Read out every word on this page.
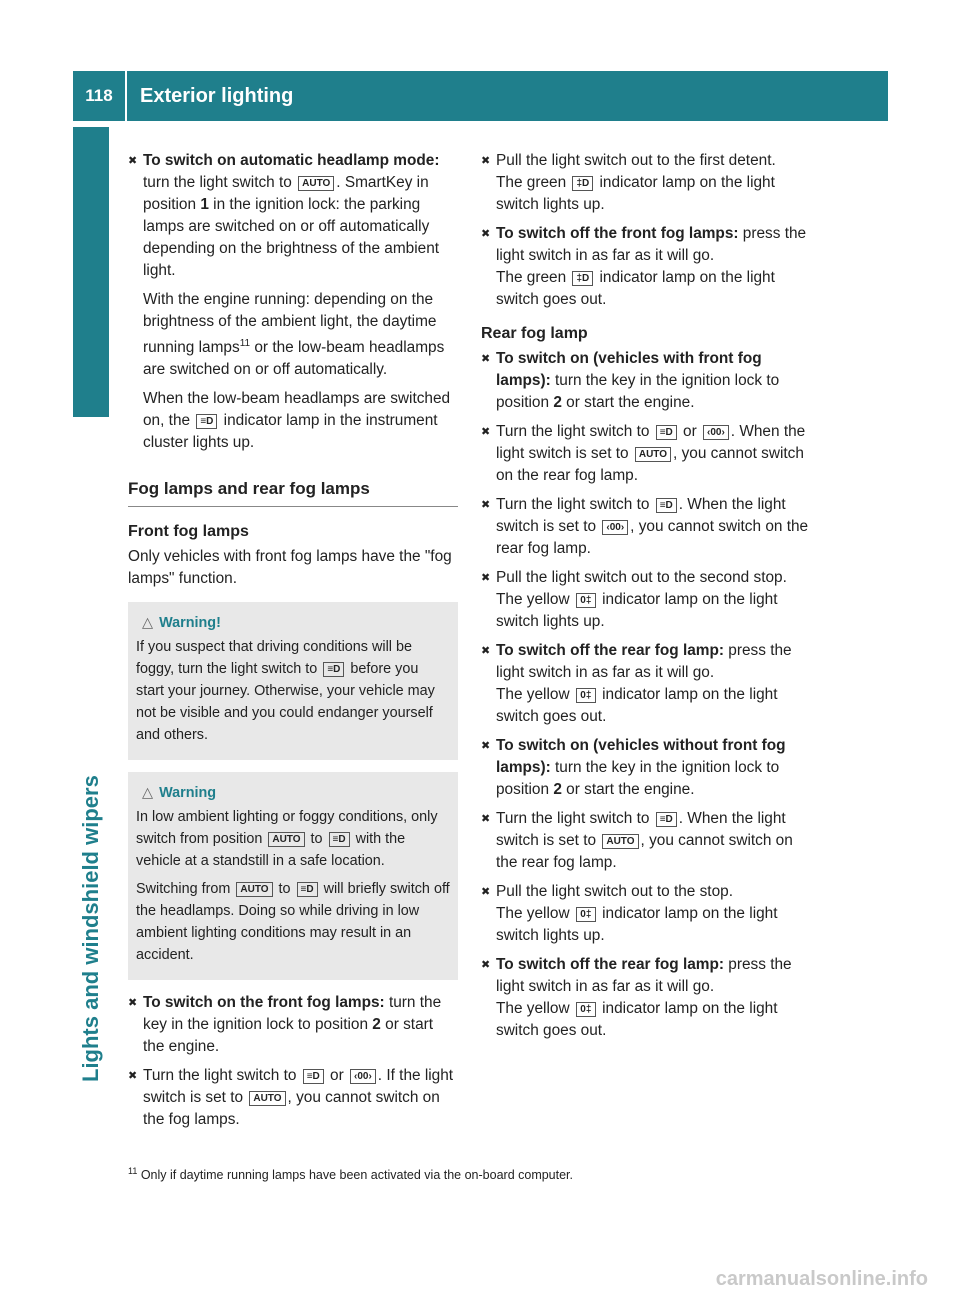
118	Exterior lighting
Lights and windshield wipers
✖ To switch on automatic headlamp mode: turn the light switch to AUTO . SmartKey in position 1 in the ignition lock: the parking lamps are switched on or off automatically depending on the brightness of the ambient light.

With the engine running: depending on the brightness of the ambient light, the daytime running lamps$^{11}$ or the low-beam headlamps are switched on or off automatically.

When the low-beam headlamps are switched on, the ≡D indicator lamp in the instrument cluster lights up.

Fog lamps and rear fog lamps
Front fog lamps
Only vehicles with front fog lamps have the "fog lamps" function.
△ Warning!

If you suspect that driving conditions will be foggy, turn the light switch to ≡D before you start your journey. Otherwise, your vehicle may not be visible and you could endanger yourself and others.

△ Warning

In low ambient lighting or foggy conditions, only switch from position AUTO to ≡D with the vehicle at a standstill in a safe location.

Switching from AUTO to ≡D will briefly switch off the headlamps. Doing so while driving in low ambient lighting conditions may result in an accident.

✖ To switch on the front fog lamps: turn the key in the ignition lock to position 2 or start the engine.
✖ Turn the light switch to ≡D or ‹00› . If the light switch is set to AUTO , you cannot switch on the fog lamps.
✖ Pull the light switch out to the first detent.
The green ‡D indicator lamp on the light switch lights up.
✖ To switch off the front fog lamps: press the light switch in as far as it will go.
The green ‡D indicator lamp on the light switch goes out.
Rear fog lamp
✖ To switch on (vehicles with front fog lamps): turn the key in the ignition lock to position 2 or start the engine.
✖ Turn the light switch to ≡D or ‹00› . When the light switch is set to AUTO , you cannot switch on the rear fog lamp.
✖ Turn the light switch to ≡D . When the light switch is set to ‹00› , you cannot switch on the rear fog lamp.
✖ Pull the light switch out to the second stop.
The yellow 0‡ indicator lamp on the light switch lights up.
✖ To switch off the rear fog lamp: press the light switch in as far as it will go.
The yellow 0‡ indicator lamp on the light switch goes out.
✖ To switch on (vehicles without front fog lamps): turn the key in the ignition lock to position 2 or start the engine.
✖ Turn the light switch to ≡D . When the light switch is set to AUTO , you cannot switch on the rear fog lamp.
✖ Pull the light switch out to the stop.
The yellow 0‡ indicator lamp on the light switch lights up.
✖ To switch off the rear fog lamp: press the light switch in as far as it will go.
The yellow 0‡ indicator lamp on the light switch goes out.
$^{11}$ Only if daytime running lamps have been activated via the on-board computer.
carmanualsonline.info
